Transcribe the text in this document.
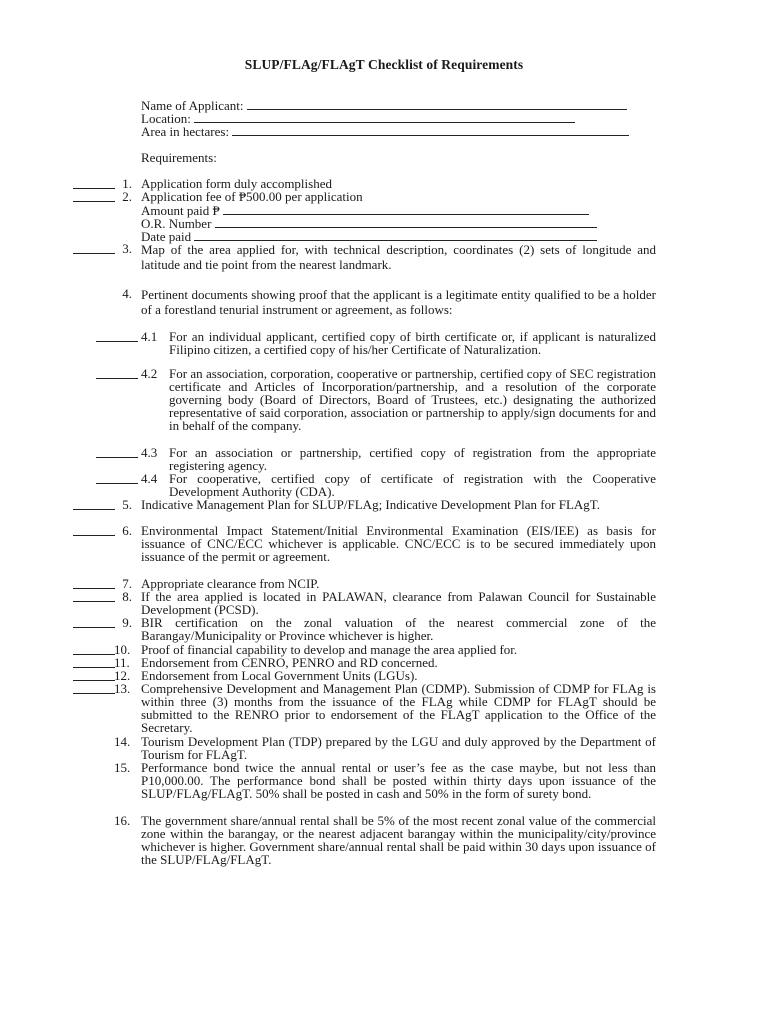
SLUP/FLAg/FLAgT Checklist of Requirements
Name of Applicant:
Location:
Area in hectares:
Requirements:
1. Application form duly accomplished
2. Application fee of ₱500.00 per application
Amount paid ₱
O.R. Number
Date paid
3. Map of the area applied for, with technical description, coordinates (2) sets of longitude and latitude and tie point from the nearest landmark.
4. Pertinent documents showing proof that the applicant is a legitimate entity qualified to be a holder of a forestland tenurial instrument or agreement, as follows:
4.1 For an individual applicant, certified copy of birth certificate or, if applicant is naturalized Filipino citizen, a certified copy of his/her Certificate of Naturalization.
4.2 For an association, corporation, cooperative or partnership, certified copy of SEC registration certificate and Articles of Incorporation/partnership, and a resolution of the corporate governing body (Board of Directors, Board of Trustees, etc.) designating the authorized representative of said corporation, association or partnership to apply/sign documents for and in behalf of the company.
4.3 For an association or partnership, certified copy of registration from the appropriate registering agency.
4.4 For cooperative, certified copy of certificate of registration with the Cooperative Development Authority (CDA).
5. Indicative Management Plan for SLUP/FLAg; Indicative Development Plan for FLAgT.
6. Environmental Impact Statement/Initial Environmental Examination (EIS/IEE) as basis for issuance of CNC/ECC whichever is applicable. CNC/ECC is to be secured immediately upon issuance of the permit or agreement.
7. Appropriate clearance from NCIP.
8. If the area applied is located in PALAWAN, clearance from Palawan Council for Sustainable Development (PCSD).
9. BIR certification on the zonal valuation of the nearest commercial zone of the Barangay/Municipality or Province whichever is higher.
10. Proof of financial capability to develop and manage the area applied for.
11. Endorsement from CENRO, PENRO and RD concerned.
12. Endorsement from Local Government Units (LGUs).
13. Comprehensive Development and Management Plan (CDMP). Submission of CDMP for FLAg is within three (3) months from the issuance of the FLAg while CDMP for FLAgT should be submitted to the RENRO prior to endorsement of the FLAgT application to the Office of the Secretary.
14. Tourism Development Plan (TDP) prepared by the LGU and duly approved by the Department of Tourism for FLAgT.
15. Performance bond twice the annual rental or user’s fee as the case maybe, but not less than P10,000.00. The performance bond shall be posted within thirty days upon issuance of the SLUP/FLAg/FLAgT. 50% shall be posted in cash and 50% in the form of surety bond.
16. The government share/annual rental shall be 5% of the most recent zonal value of the commercial zone within the barangay, or the nearest adjacent barangay within the municipality/city/province whichever is higher. Government share/annual rental shall be paid within 30 days upon issuance of the SLUP/FLAg/FLAgT.
